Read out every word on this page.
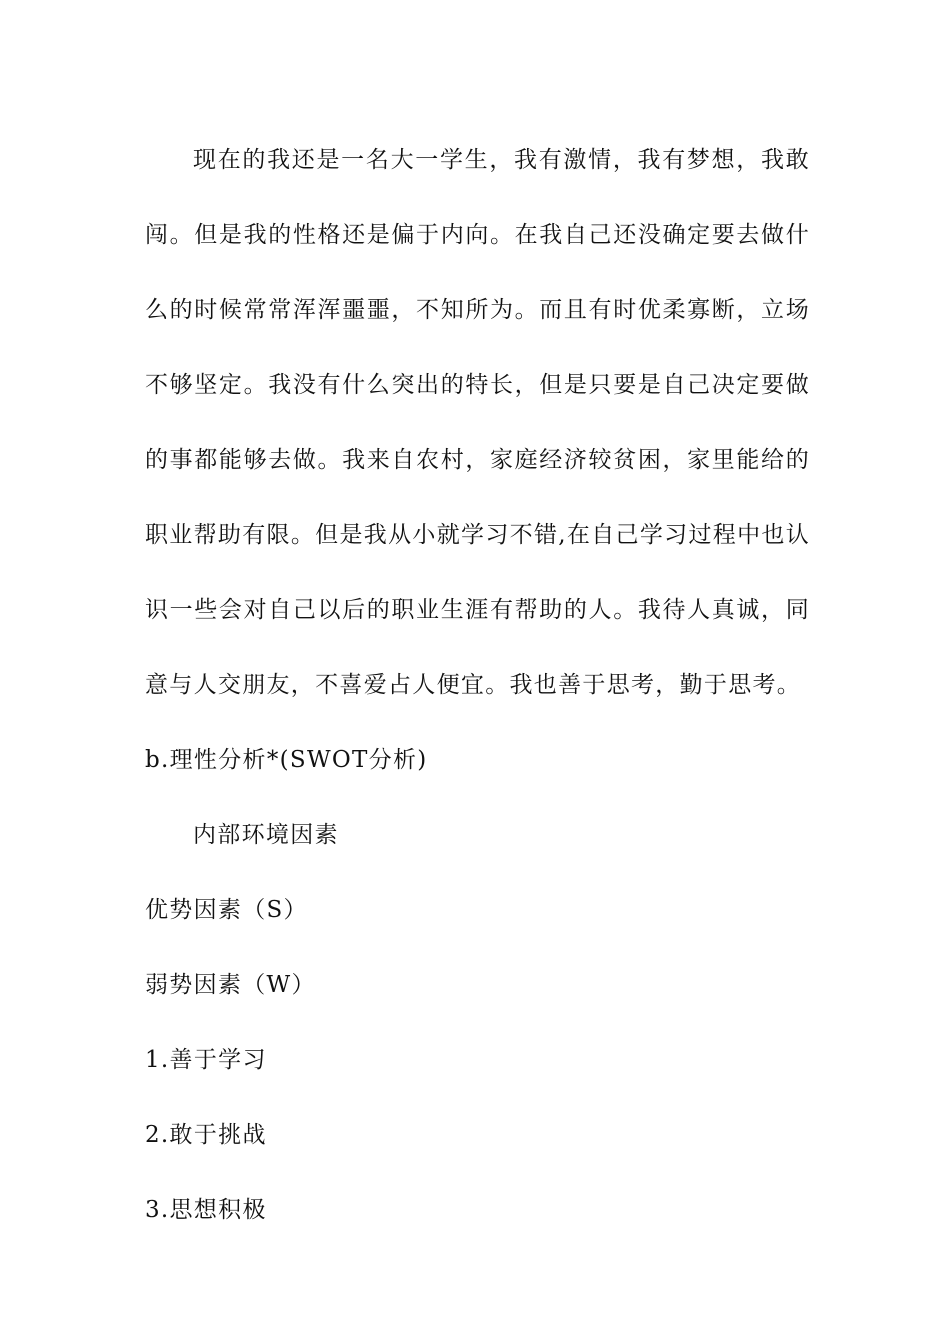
现在的我还是一名大一学生，我有激情，我有梦想，我敢闯。但是我的性格还是偏于内向。在我自己还没确定要去做什么的时候常常浑浑噩噩，不知所为。而且有时优柔寡断，立场不够坚定。我没有什么突出的特长，但是只要是自己决定要做的事都能够去做。我来自农村，家庭经济较贫困，家里能给的职业帮助有限。但是我从小就学习不错,在自己学习过程中也认识一些会对自己以后的职业生涯有帮助的人。我待人真诚，同意与人交朋友，不喜爱占人便宜。我也善于思考，勤于思考。

b.理性分析*(SWOT分析)

内部环境因素

优势因素（S）

弱势因素（W）

1.善于学习

2.敢于挑战

3.思想积极
